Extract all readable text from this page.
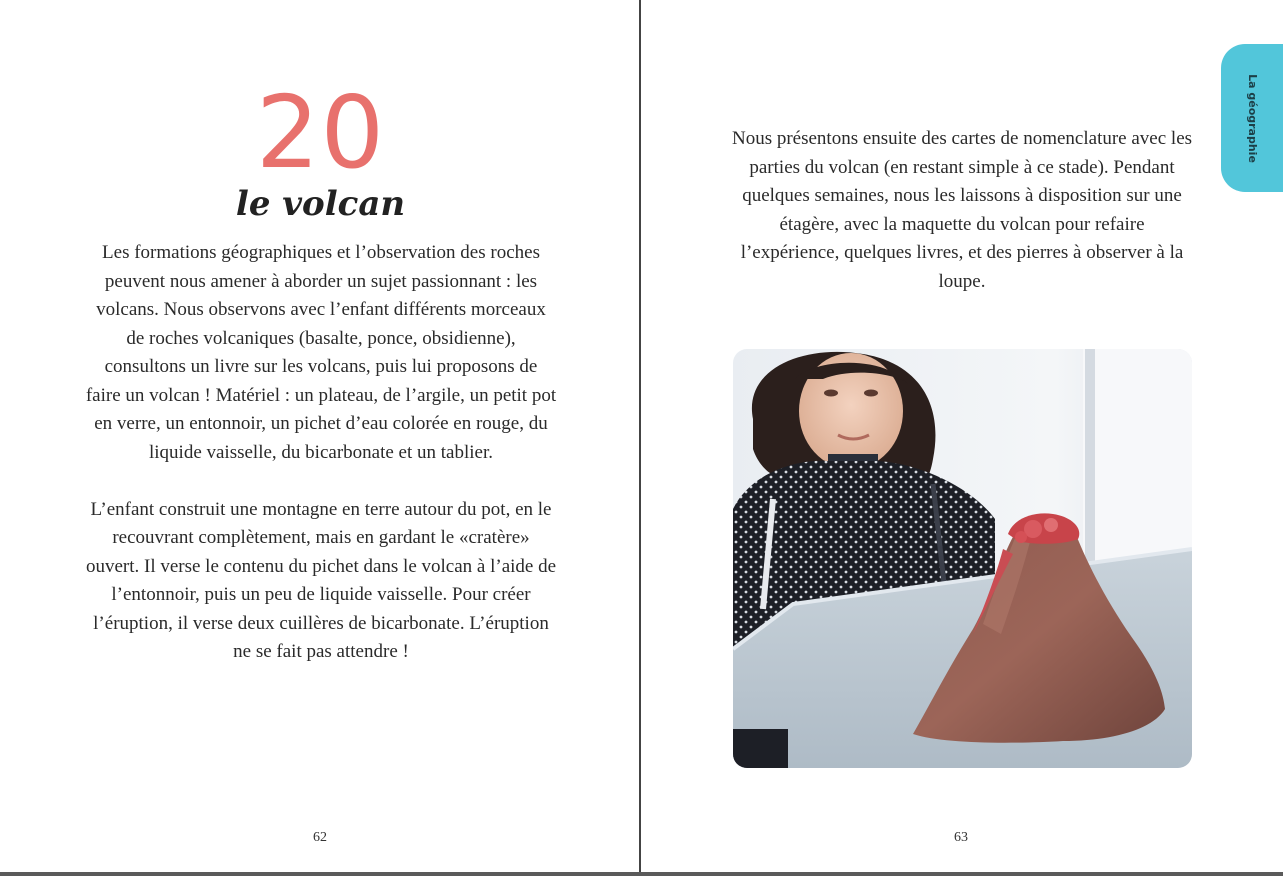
20
le volcan

Les formations géographiques et l’observation des roches peuvent nous amener à aborder un sujet passionnant : les volcans. Nous observons avec l’enfant différents morceaux de roches volcaniques (basalte, ponce, obsidienne), consultons un livre sur les volcans, puis lui proposons de faire un volcan ! Matériel : un plateau, de l’argile, un petit pot en verre, un entonnoir, un pichet d’eau colorée en rouge, du liquide vaisselle, du bicarbonate et un tablier.

L’enfant construit une montagne en terre autour du pot, en le recouvrant complètement, mais en gardant le «cratère» ouvert. Il verse le contenu du pichet dans le volcan à l’aide de l’entonnoir, puis un peu de liquide vaisselle. Pour créer l’éruption, il verse deux cuillères de bicarbonate. L’éruption ne se fait pas attendre !

62
La géographie

Nous présentons ensuite des cartes de nomenclature avec les parties du volcan (en restant simple à ce stade). Pendant quelques semaines, nous les laissons à disposition sur une étagère, avec la maquette du volcan pour refaire l’expérience, quelques livres, et des pierres à observer à la loupe.

63
